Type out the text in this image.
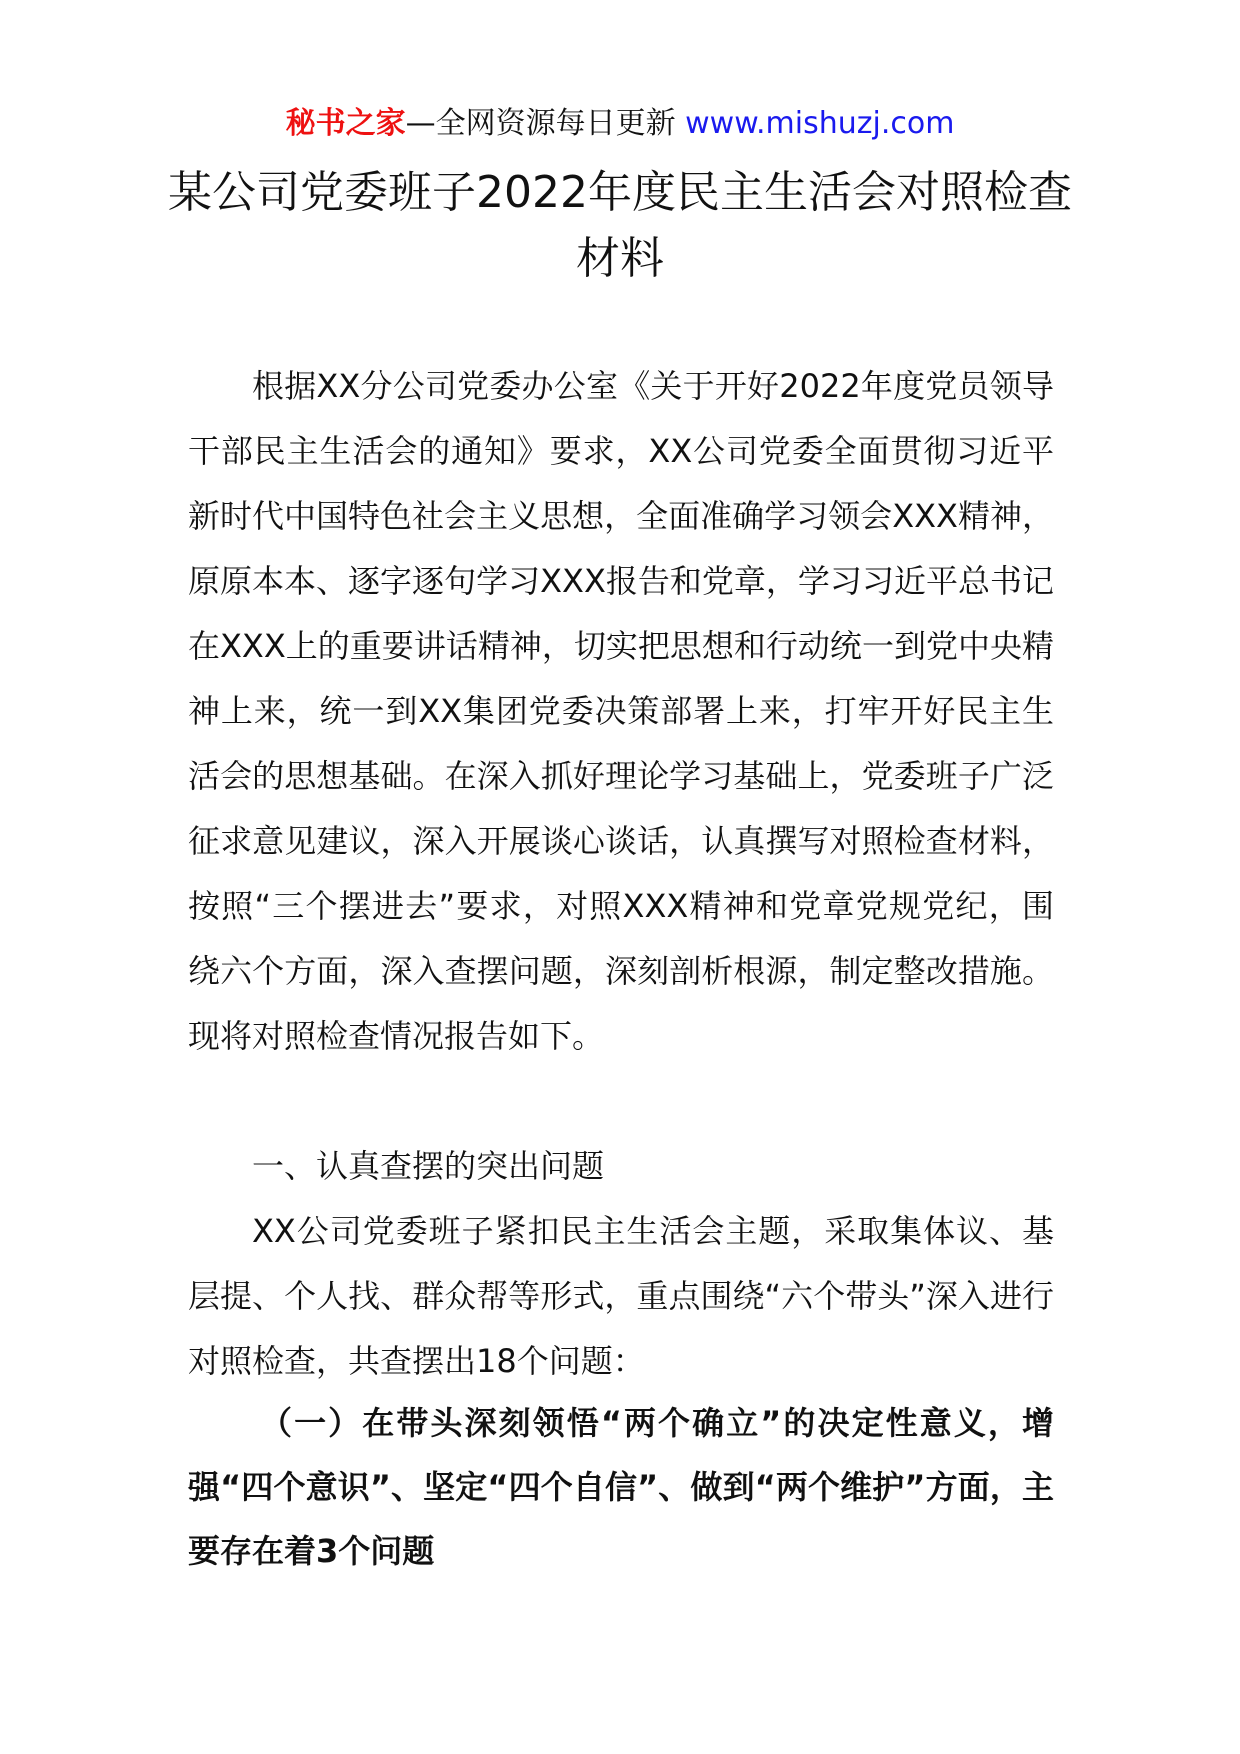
秘书之家—全网资源每日更新 www.mishuzj.com
某公司党委班子2022年度民主生活会对照检查材料

根据XX分公司党委办公室《关于开好2022年度党员领导干部民主生活会的通知》要求，XX公司党委全面贯彻习近平新时代中国特色社会主义思想，全面准确学习领会XXX精神，原原本本、逐字逐句学习XXX报告和党章，学习习近平总书记在XXX上的重要讲话精神，切实把思想和行动统一到党中央精神上来，统一到XX集团党委决策部署上来，打牢开好民主生活会的思想基础。在深入抓好理论学习基础上，党委班子广泛征求意见建议，深入开展谈心谈话，认真撰写对照检查材料，按照“三个摆进去”要求，对照XXX精神和党章党规党纪，围绕六个方面，深入查摆问题，深刻剖析根源，制定整改措施。现将对照检查情况报告如下。

一、认真查摆的突出问题

XX公司党委班子紧扣民主生活会主题，采取集体议、基层提、个人找、群众帮等形式，重点围绕“六个带头”深入进行对照检查，共查摆出18个问题：

（一）在带头深刻领悟“两个确立”的决定性意义，增强“四个意识”、坚定“四个自信”、做到“两个维护”方面，主要存在着3个问题
